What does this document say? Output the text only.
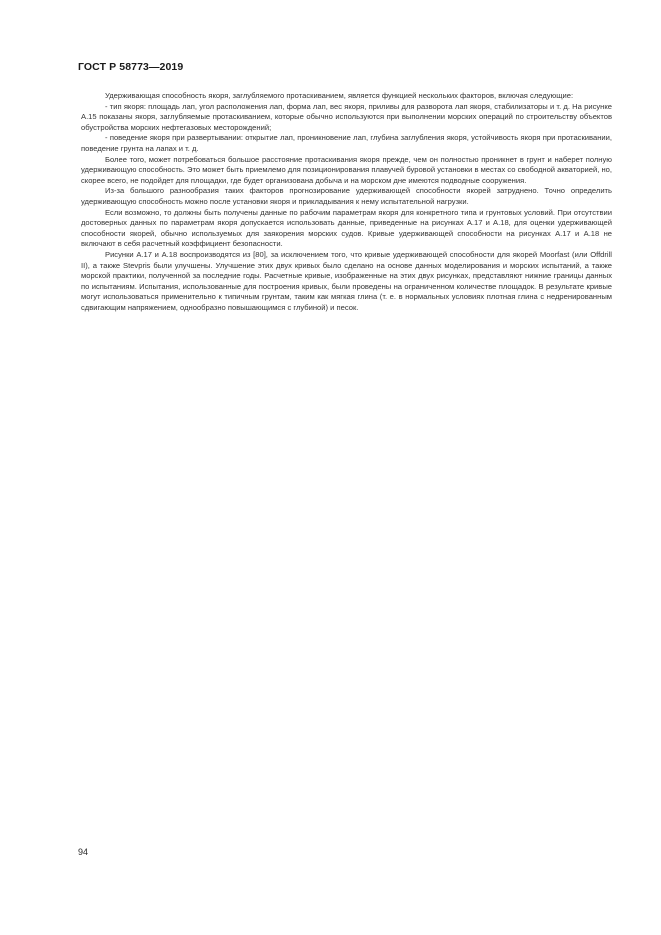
ГОСТ Р 58773—2019

Удерживающая способность якоря, заглубляемого протаскиванием, является функцией нескольких факторов, включая следующие:

- тип якоря: площадь лап, угол расположения лап, форма лап, вес якоря, приливы для разворота лап якоря, стабилизаторы и т. д. На рисунке А.15 показаны якоря, заглубляемые протаскиванием, которые обычно используются при выполнении морских операций по строительству объектов обустройства морских нефтегазовых месторождений;

- поведение якоря при развертывании: открытие лап, проникновение лап, глубина заглубления якоря, устойчивость якоря при протаскивании, поведение грунта на лапах и т. д.

Более того, может потребоваться большое расстояние протаскивания якоря прежде, чем он полностью проникнет в грунт и наберет полную удерживающую способность. Это может быть приемлемо для позиционирования плавучей буровой установки в местах со свободной акваторией, но, скорее всего, не подойдет для площадки, где будет организована добыча и на морском дне имеются подводные сооружения.

Из-за большого разнообразия таких факторов прогнозирование удерживающей способности якорей затруднено. Точно определить удерживающую способность можно после установки якоря и прикладывания к нему испытательной нагрузки.

Если возможно, то должны быть получены данные по рабочим параметрам якоря для конкретного типа и грунтовых условий. При отсутствии достоверных данных по параметрам якоря допускается использовать данные, приведенные на рисунках А.17 и А.18, для оценки удерживающей способности якорей, обычно используемых для заякорения морских судов. Кривые удерживающей способности на рисунках А.17 и А.18 не включают в себя расчетный коэффициент безопасности.

Рисунки А.17 и А.18 воспроизводятся из [80], за исключением того, что кривые удерживающей способности для якорей Moorfast (или Offdrill II), а также Stevpris были улучшены. Улучшение этих двух кривых было сделано на основе данных моделирования и морских испытаний, а также морской практики, полученной за последние годы. Расчетные кривые, изображенные на этих двух рисунках, представляют нижние границы данных по испытаниям. Испытания, использованные для построения кривых, были проведены на ограниченном количестве площадок. В результате кривые могут использоваться применительно к типичным грунтам, таким как мягкая глина (т. е. в нормальных условиях плотная глина с недренированным сдвигающим напряжением, однообразно повышающимся с глубиной) и песок.

94
